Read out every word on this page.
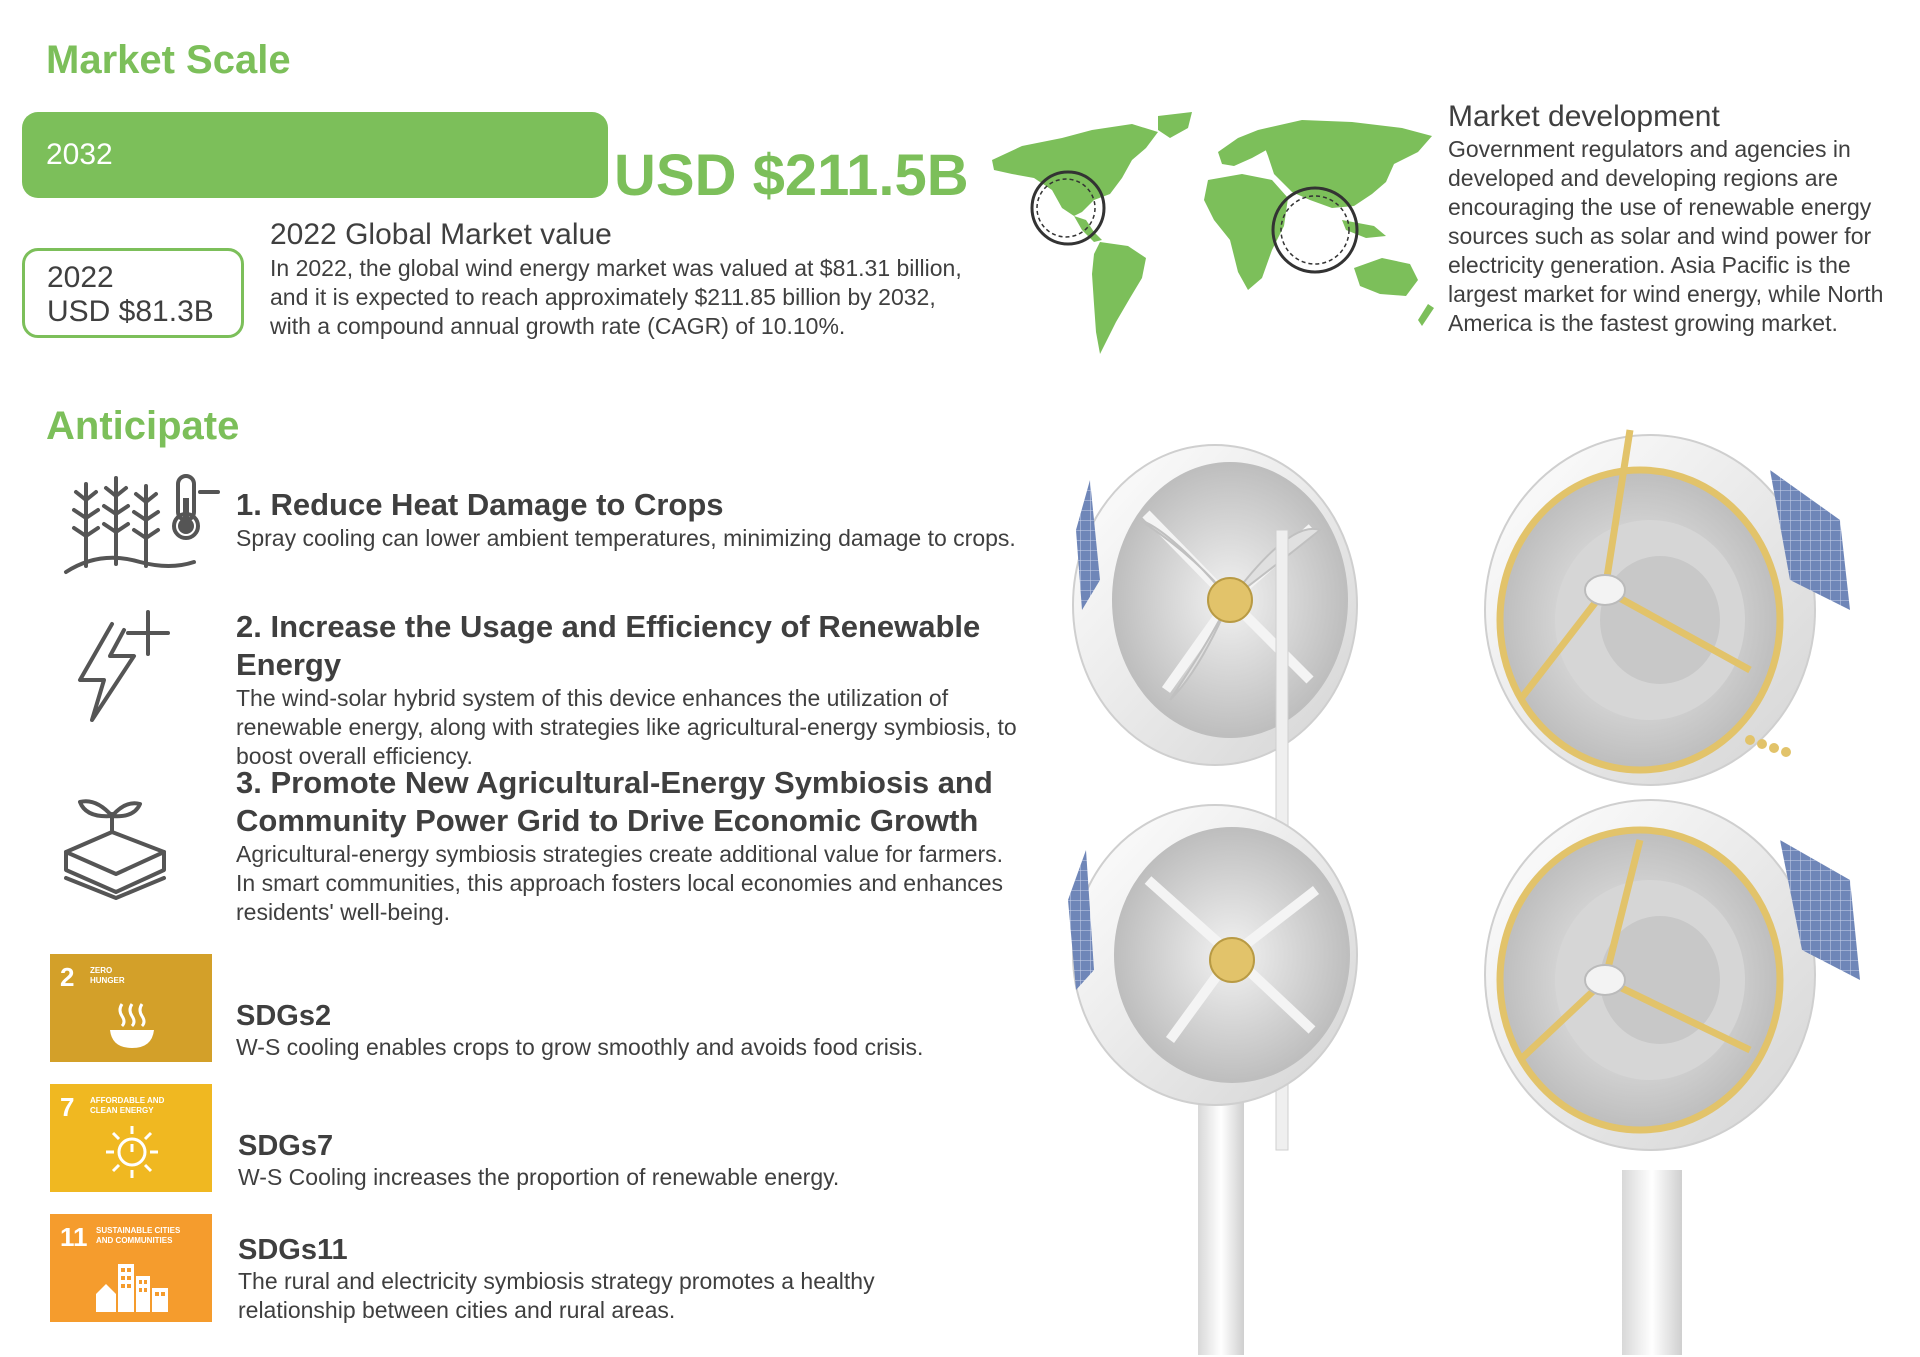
Market Scale
2032	USD $211.5B
2022
USD $81.3B
2022 Global Market value
In 2022, the global wind energy market was valued at $81.31 billion,
and it is expected to reach approximately $211.85 billion by 2032,
with a compound annual growth rate (CAGR) of 10.10%.
Market development
Government regulators and agencies in
developed and developing regions are
encouraging the use of renewable energy
sources such as solar and wind power for
electricity generation. Asia Pacific is the
largest market for wind energy, while North
America is the fastest growing market.
Anticipate
1. Reduce Heat Damage to Crops
Spray cooling can lower ambient temperatures, minimizing damage to crops.
2. Increase the Usage and Efficiency of Renewable Energy
The wind-solar hybrid system of this device enhances the utilization of
renewable energy, along with strategies like agricultural-energy symbiosis, to
boost overall efficiency.
3. Promote New Agricultural-Energy Symbiosis and
Community Power Grid to Drive Economic Growth
Agricultural-energy symbiosis strategies create additional value for farmers.
In smart communities, this approach fosters local economies and enhances
residents' well-being.
2 ZERO
HUNGER
SDGs2
W-S cooling enables crops to grow smoothly and avoids food crisis.
7 AFFORDABLE AND
CLEAN ENERGY
SDGs7
W-S Cooling increases the proportion of renewable energy.
11 SUSTAINABLE CITIES
AND COMMUNITIES	SDGs11
The rural and electricity symbiosis strategy promotes a healthy
relationship between cities and rural areas.
